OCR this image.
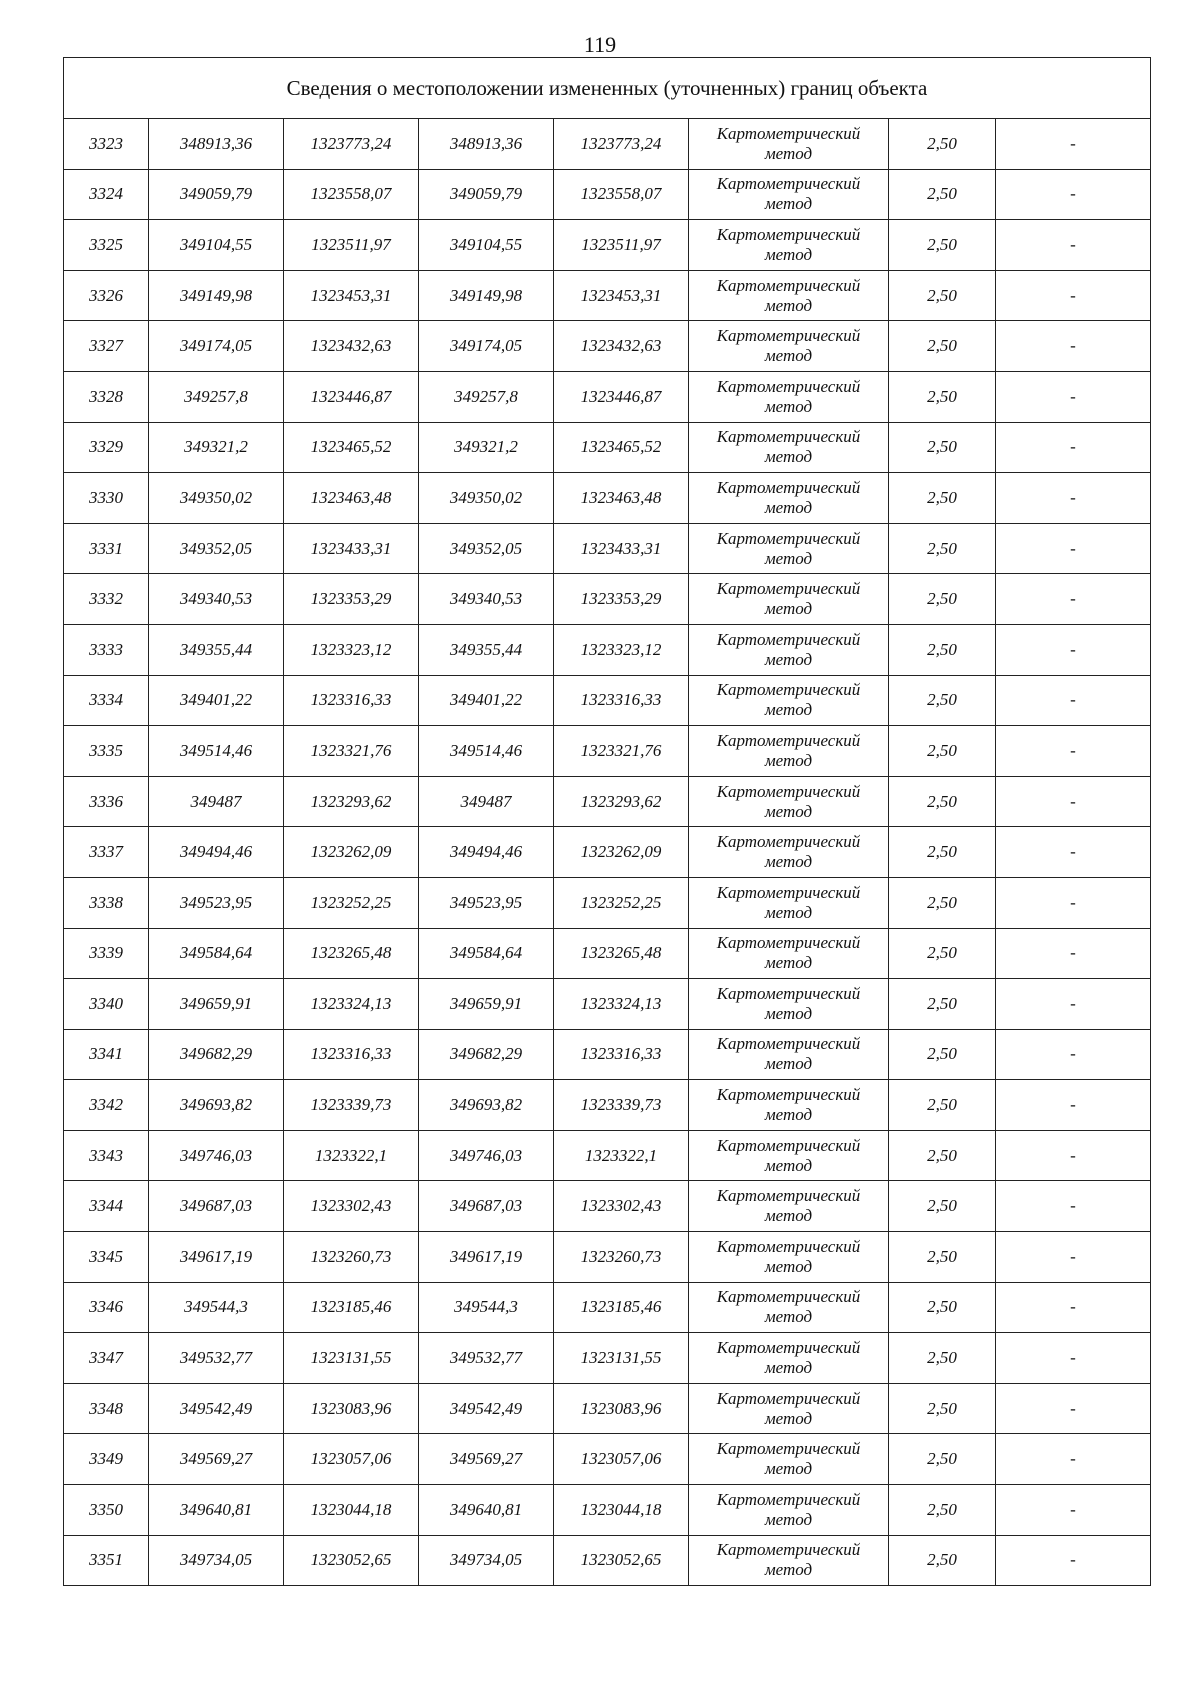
119
Сведения о местоположении измененных (уточненных) границ объекта							
3323	348913,36	1323773,24	348913,36	1323773,24	Картометрический
метод	2,50	-
3324	349059,79	1323558,07	349059,79	1323558,07	Картометрический
метод	2,50	-
3325	349104,55	1323511,97	349104,55	1323511,97	Картометрический
метод	2,50	-
3326	349149,98	1323453,31	349149,98	1323453,31	Картометрический
метод	2,50	-
3327	349174,05	1323432,63	349174,05	1323432,63	Картометрический
метод	2,50	-
3328	349257,8	1323446,87	349257,8	1323446,87	Картометрический
метод	2,50	-
3329	349321,2	1323465,52	349321,2	1323465,52	Картометрический
метод	2,50	-
3330	349350,02	1323463,48	349350,02	1323463,48	Картометрический
метод	2,50	-
3331	349352,05	1323433,31	349352,05	1323433,31	Картометрический
метод	2,50	-
3332	349340,53	1323353,29	349340,53	1323353,29	Картометрический
метод	2,50	-
3333	349355,44	1323323,12	349355,44	1323323,12	Картометрический
метод	2,50	-
3334	349401,22	1323316,33	349401,22	1323316,33	Картометрический
метод	2,50	-
3335	349514,46	1323321,76	349514,46	1323321,76	Картометрический
метод	2,50	-
3336	349487	1323293,62	349487	1323293,62	Картометрический
метод	2,50	-
3337	349494,46	1323262,09	349494,46	1323262,09	Картометрический
метод	2,50	-
3338	349523,95	1323252,25	349523,95	1323252,25	Картометрический
метод	2,50	-
3339	349584,64	1323265,48	349584,64	1323265,48	Картометрический
метод	2,50	-
3340	349659,91	1323324,13	349659,91	1323324,13	Картометрический
метод	2,50	-
3341	349682,29	1323316,33	349682,29	1323316,33	Картометрический
метод	2,50	-
3342	349693,82	1323339,73	349693,82	1323339,73	Картометрический
метод	2,50	-
3343	349746,03	1323322,1	349746,03	1323322,1	Картометрический
метод	2,50	-
3344	349687,03	1323302,43	349687,03	1323302,43	Картометрический
метод	2,50	-
3345	349617,19	1323260,73	349617,19	1323260,73	Картометрический
метод	2,50	-
3346	349544,3	1323185,46	349544,3	1323185,46	Картометрический
метод	2,50	-
3347	349532,77	1323131,55	349532,77	1323131,55	Картометрический
метод	2,50	-
3348	349542,49	1323083,96	349542,49	1323083,96	Картометрический
метод	2,50	-
3349	349569,27	1323057,06	349569,27	1323057,06	Картометрический
метод	2,50	-
3350	349640,81	1323044,18	349640,81	1323044,18	Картометрический
метод	2,50	-
3351	349734,05	1323052,65	349734,05	1323052,65	Картометрический
метод	2,50	-
